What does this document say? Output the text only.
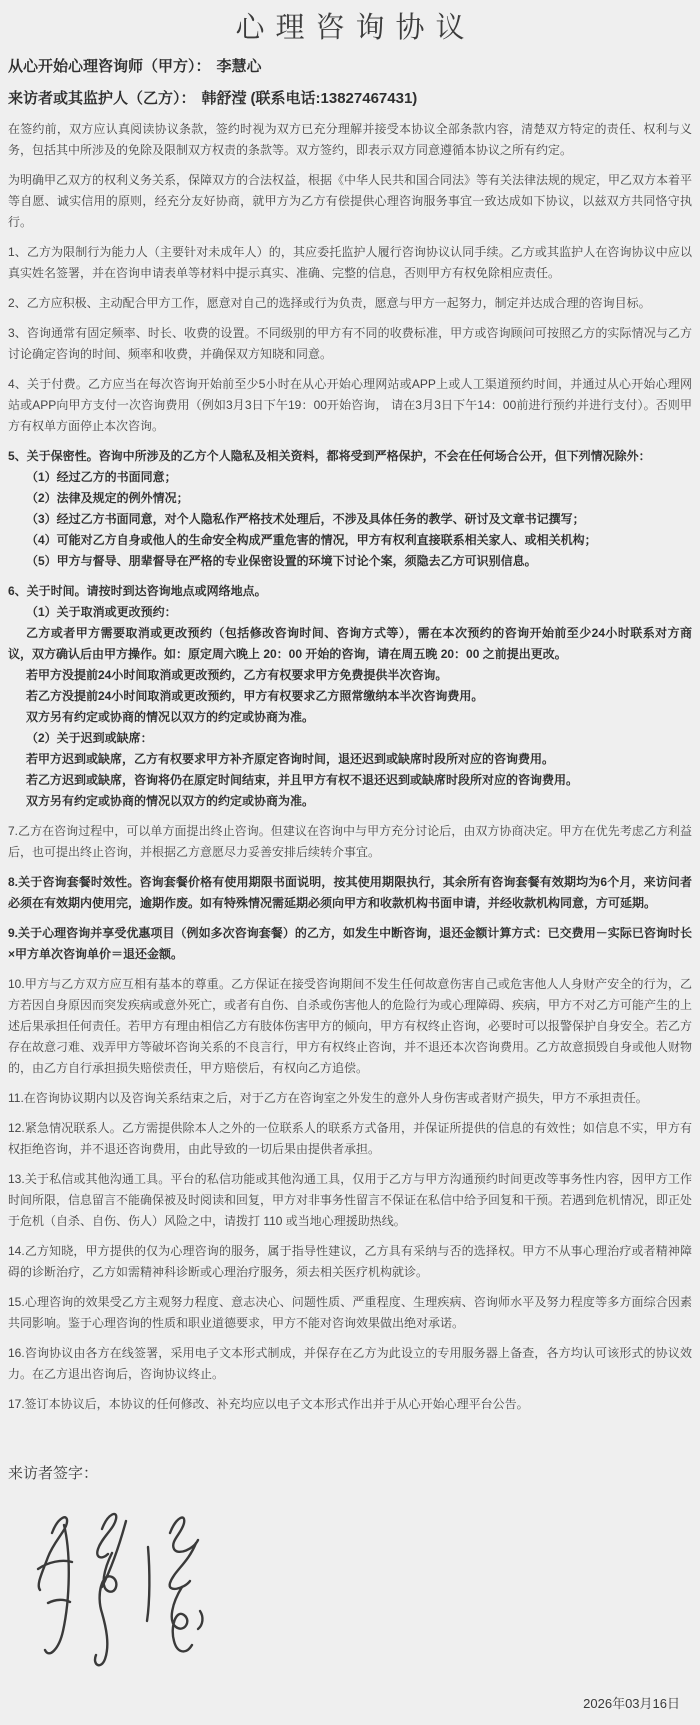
心理咨询协议
从心开始心理咨询师（甲方）： 李慧心
来访者或其监护人（乙方）： 韩舒滢 (联系电话:13827467431)

在签约前，双方应认真阅读协议条款，签约时视为双方已充分理解并接受本协议全部条款内容，清楚双方特定的责任、权利与义务，包括其中所涉及的免除及限制双方权责的条款等。双方签约，即表示双方同意遵循本协议之所有约定。

为明确甲乙双方的权利义务关系，保障双方的合法权益，根据《中华人民共和国合同法》等有关法律法规的规定，甲乙双方本着平等自愿、诚实信用的原则，经充分友好协商，就甲方为乙方有偿提供心理咨询服务事宜一致达成如下协议，以兹双方共同恪守执行。

1、乙方为限制行为能力人（主要针对未成年人）的，其应委托监护人履行咨询协议认同手续。乙方或其监护人在咨询协议中应以真实姓名签署，并在咨询申请表单等材料中提示真实、准确、完整的信息，否则甲方有权免除相应责任。

2、乙方应积极、主动配合甲方工作，愿意对自己的选择或行为负责，愿意与甲方一起努力，制定并达成合理的咨询目标。

3、咨询通常有固定频率、时长、收费的设置。不同级别的甲方有不同的收费标准，甲方或咨询顾问可按照乙方的实际情况与乙方讨论确定咨询的时间、频率和收费，并确保双方知晓和同意。

4、关于付费。乙方应当在每次咨询开始前至少5小时在从心开始心理网站或APP上或人工渠道预约时间，并通过从心开始心理网站或APP向甲方支付一次咨询费用（例如3月3日下午19：00开始咨询， 请在3月3日下午14：00前进行预约并进行支付）。否则甲方有权单方面停止本次咨询。

5、关于保密性。咨询中所涉及的乙方个人隐私及相关资料，都将受到严格保护，不会在任何场合公开，但下列情况除外：

（1）经过乙方的书面同意；

（2）法律及规定的例外情况；

（3）经过乙方书面同意，对个人隐私作严格技术处理后，不涉及具体任务的教学、研讨及文章书记撰写；

（4）可能对乙方自身或他人的生命安全构成严重危害的情况，甲方有权利直接联系相关家人、或相关机构；

（5）甲方与督导、朋辈督导在严格的专业保密设置的环境下讨论个案，须隐去乙方可识别信息。

6、关于时间。请按时到达咨询地点或网络地点。

（1）关于取消或更改预约：

乙方或者甲方需要取消或更改预约（包括修改咨询时间、咨询方式等），需在本次预约的咨询开始前至少24小时联系对方商议，双方确认后由甲方操作。如：原定周六晚上 20：00 开始的咨询，请在周五晚 20：00 之前提出更改。

若甲方没提前24小时间取消或更改预约，乙方有权要求甲方免费提供半次咨询。

若乙方没提前24小时间取消或更改预约，甲方有权要求乙方照常缴纳本半次咨询费用。

双方另有约定或协商的情况以双方的约定或协商为准。

（2）关于迟到或缺席：

若甲方迟到或缺席，乙方有权要求甲方补齐原定咨询时间，退还迟到或缺席时段所对应的咨询费用。

若乙方迟到或缺席，咨询将仍在原定时间结束，并且甲方有权不退还迟到或缺席时段所对应的咨询费用。

双方另有约定或协商的情况以双方的约定或协商为准。

7.乙方在咨询过程中，可以单方面提出终止咨询。但建议在咨询中与甲方充分讨论后，由双方协商决定。甲方在优先考虑乙方利益后，也可提出终止咨询，并根据乙方意愿尽力妥善安排后续转介事宜。

8.关于咨询套餐时效性。咨询套餐价格有使用期限书面说明，按其使用期限执行，其余所有咨询套餐有效期均为6个月，来访问者必须在有效期内使用完，逾期作废。如有特殊情况需延期必须向甲方和收款机构书面申请，并经收款机构同意，方可延期。

9.关于心理咨询并享受优惠项目（例如多次咨询套餐）的乙方，如发生中断咨询，退还金额计算方式：已交费用－实际已咨询时长×甲方单次咨询单价＝退还金额。

10.甲方与乙方双方应互相有基本的尊重。乙方保证在接受咨询期间不发生任何故意伤害自己或危害他人人身财产安全的行为，乙方若因自身原因而突发疾病或意外死亡，或者有自伤、自杀或伤害他人的危险行为或心理障碍、疾病，甲方不对乙方可能产生的上述后果承担任何责任。若甲方有理由相信乙方有肢体伤害甲方的倾向，甲方有权终止咨询，必要时可以报警保护自身安全。若乙方存在故意刁难、戏弄甲方等破坏咨询关系的不良言行，甲方有权终止咨询，并不退还本次咨询费用。乙方故意损毁自身或他人财物的，由乙方自行承担损失赔偿责任，甲方赔偿后，有权向乙方追偿。

11.在咨询协议期内以及咨询关系结束之后，对于乙方在咨询室之外发生的意外人身伤害或者财产损失，甲方不承担责任。

12.紧急情况联系人。乙方需提供除本人之外的一位联系人的联系方式备用，并保证所提供的信息的有效性；如信息不实，甲方有权拒绝咨询，并不退还咨询费用，由此导致的一切后果由提供者承担。

13.关于私信或其他沟通工具。平台的私信功能或其他沟通工具，仅用于乙方与甲方沟通预约时间更改等事务性内容，因甲方工作时间所限，信息留言不能确保被及时阅读和回复，甲方对非事务性留言不保证在私信中给予回复和干预。若遇到危机情况，即正处于危机（自杀、自伤、伤人）风险之中，请拨打 110 或当地心理援助热线。

14.乙方知晓，甲方提供的仅为心理咨询的服务，属于指导性建议，乙方具有采纳与否的选择权。甲方不从事心理治疗或者精神障碍的诊断治疗，乙方如需精神科诊断或心理治疗服务，须去相关医疗机构就诊。

15.心理咨询的效果受乙方主观努力程度、意志决心、问题性质、严重程度、生理疾病、咨询师水平及努力程度等多方面综合因素共同影响。鉴于心理咨询的性质和职业道德要求，甲方不能对咨询效果做出绝对承诺。

16.咨询协议由各方在线签署，采用电子文本形式制成，并保存在乙方为此设立的专用服务器上备查，各方均认可该形式的协议效力。在乙方退出咨询后，咨询协议终止。

17.签订本协议后，本协议的任何修改、补充均应以电子文本形式作出并于从心开始心理平台公告。

来访者签字：
2026年03月16日
